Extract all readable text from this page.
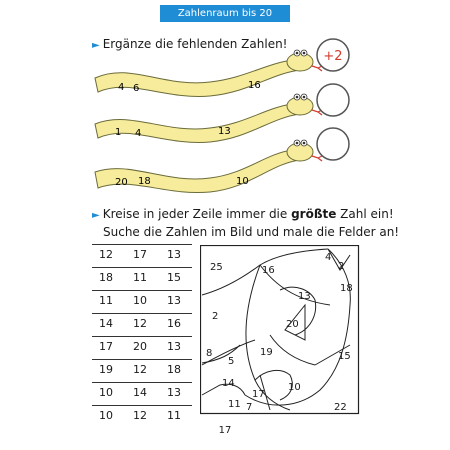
Zahlenraum bis 20
► Ergänze die fehlenden Zahlen!
+2
4 6	16
1 4	13
20 18	10
► Kreise in jeder Zeile immer die größte Zahl ein!
Suche die Zahlen im Bild und male die Felder an!
12	17	13
18	11	15
11	10	13
14	12	16
17	20	13
19	12	18
10	14	13
10	12	11
25
4
2
18
16
13
2
20
8	19
5	15
14
17
10
11 7	22
17
